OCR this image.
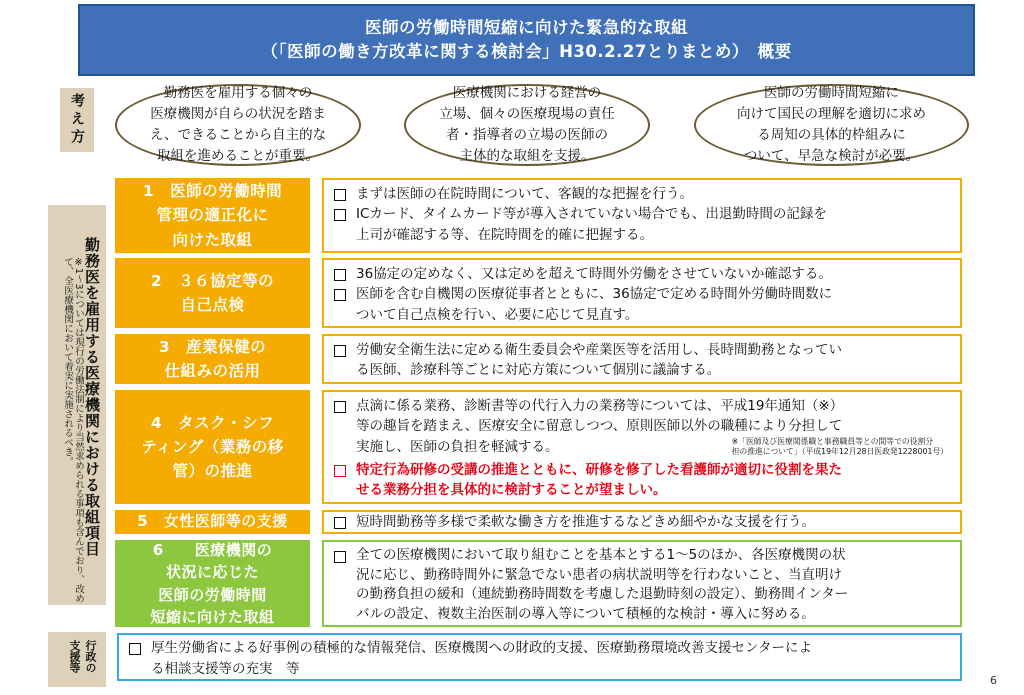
医師の労働時間短縮に向けた緊急的な取組
（「医師の働き方改革に関する検討会」H30.2.27とりまとめ）　概要
考え方
勤務医を雇用する医療機関における取組項目
※1～3については現行の労働法制により当然求められる事項も含んでおり、改めて、全医療機関において着実に実施されるべき。
行政の
支援等
勤務医を雇用する個々の
医療機関が自らの状況を踏ま
え、できることから自主的な
取組を進めることが重要。
医療機関における経営の
立場、個々の医療現場の責任
者・指導者の立場の医師の
主体的な取組を支援。
医師の労働時間短縮に
向けて国民の理解を適切に求め
る周知の具体的枠組みに
ついて、早急な検討が必要。
1　医師の労働時間
管理の適正化に
向けた取組
まずは医師の在院時間について、客観的な把握を行う。
ICカード、タイムカード等が導入されていない場合でも、出退勤時間の記録を
上司が確認する等、在院時間を的確に把握する。
2　３６協定等の
自己点検
36協定の定めなく、又は定めを超えて時間外労働をさせていないか確認する。
医師を含む自機関の医療従事者とともに、36協定で定める時間外労働時間数に
ついて自己点検を行い、必要に応じて見直す。
3　産業保健の
仕組みの活用
労働安全衛生法に定める衛生委員会や産業医等を活用し、長時間勤務となってい
る医師、診療科等ごとに対応方策について個別に議論する。
4　タスク・シフ
ティング（業務の移
管）の推進
点滴に係る業務、診断書等の代行入力の業務等については、平成19年通知（※）
等の趣旨を踏まえ、医療安全に留意しつつ、原則医師以外の職種により分担して
実施し、医師の負担を軽減する。	※「医師及び医療関係職と事務職員等との間等での役割分
担の推進について」（平成19年12月28日医政発1228001号）
特定行為研修の受講の推進とともに、研修を修了した看護師が適切に役割を果た
せる業務分担を具体的に検討することが望ましい。
5　女性医師等の支援	短時間勤務等多様で柔軟な働き方を推進するなどきめ細やかな支援を行う。
6　　医療機関の
状況に応じた
医師の労働時間
短縮に向けた取組
全ての医療機関において取り組むことを基本とする1～5のほか、各医療機関の状
況に応じ、勤務時間外に緊急でない患者の病状説明等を行わないこと、当直明け
の勤務負担の緩和（連続勤務時間数を考慮した退勤時刻の設定）、勤務間インター
バルの設定、複数主治医制の導入等について積極的な検討・導入に努める。
厚生労働省による好事例の積極的な情報発信、医療機関への財政的支援、医療勤務環境改善支援センターによ
る相談支援等の充実　等
6
